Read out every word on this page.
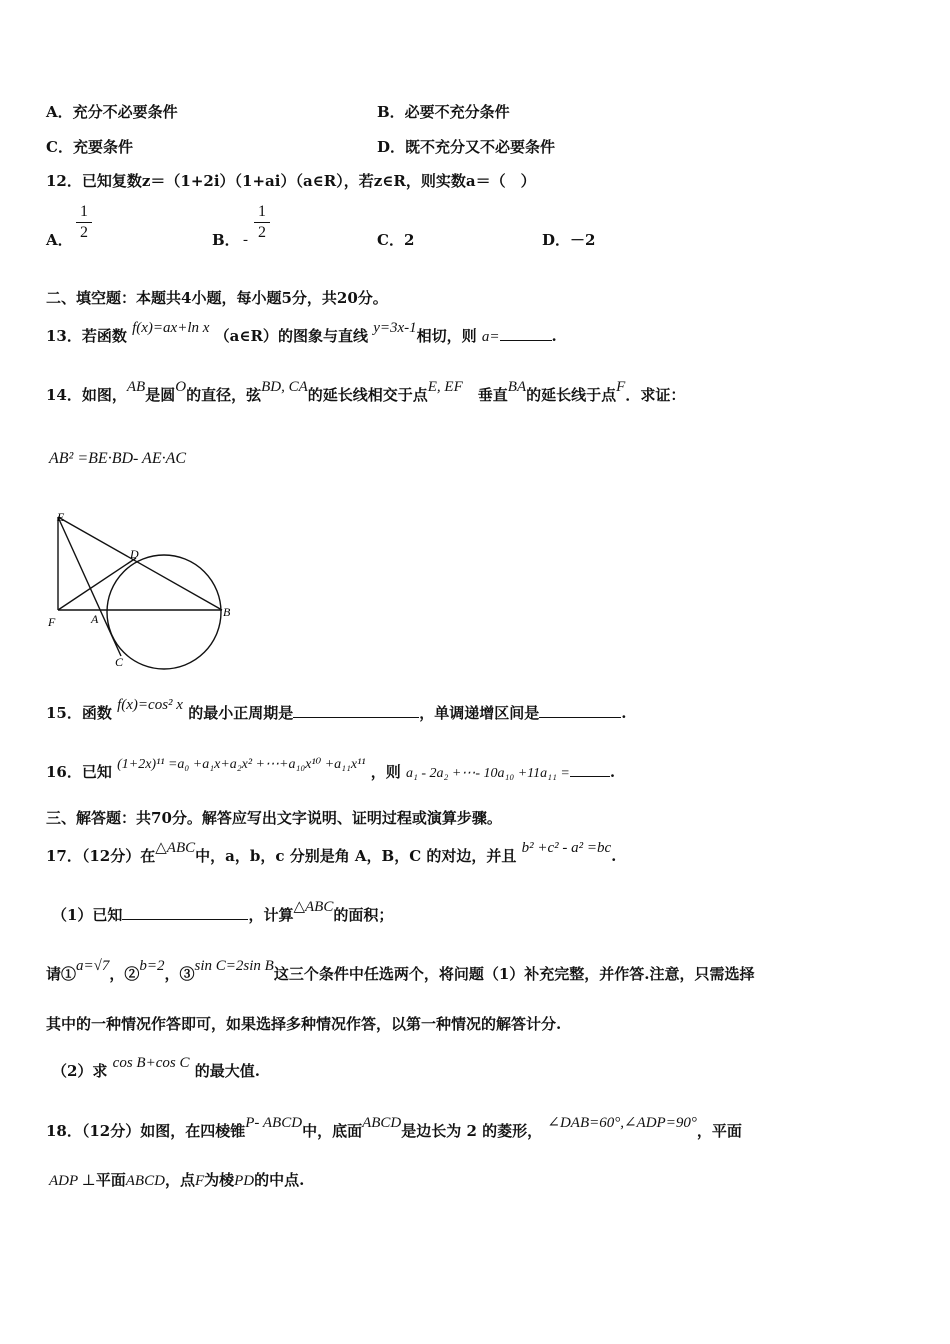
A．充分不必要条件	B．必要不充分条件
C．充要条件	D．既不充分又不必要条件
12．已知复数z＝（1+2i）（1+ai）（a∈R），若z∈R，则实数a＝（　）
A．
1
2	B． -
1
2	C．2	D．－2
二、填空题：本题共4小题，每小题5分，共20分。
13．若函数 f(x)=ax+ln x （a∈R）的图象与直线 y=3x-1相切，则 a=	.
14．如图，AB是圆O的直径，弦BD, CA的延长线相交于点E, EF　 垂直BA的延长线于点F．求证：
AB² =BE·BD- AE·AC
E
D
F	A	B
C
15．函数 f(x)=cos² x 的最小正周期是	，单调递增区间是	.
16．已知 (1+2x)¹¹ =a₀ +a₁x+a₂x² +⋯+a₁₀x¹⁰ +a₁₁x¹¹ ，则 a₁ - 2a₂ +⋯- 10a₁₀ +11a₁₁ =	.
三、解答题：共70分。解答应写出文字说明、证明过程或演算步骤。
17．（12分）在△ABC中，a，b，c 分别是角 A，B，C 的对边，并且 b² +c² - a² =bc.
（1）已知	，计算△ABC的面积；
请①a=√7，②b=2，③sin C=2sin B这三个条件中任选两个，将问题（1）补充完整，并作答.注意，只需选择
其中的一种情况作答即可，如果选择多种情况作答，以第一种情况的解答计分.
（2）求 cos B+cos C 的最大值.
18．（12分）如图，在四棱锥P- ABCD中，底面ABCD是边长为 2 的菱形， ∠DAB=60°,∠ADP=90°，平面
ADP ⊥平面ABCD，点F为棱PD的中点.
